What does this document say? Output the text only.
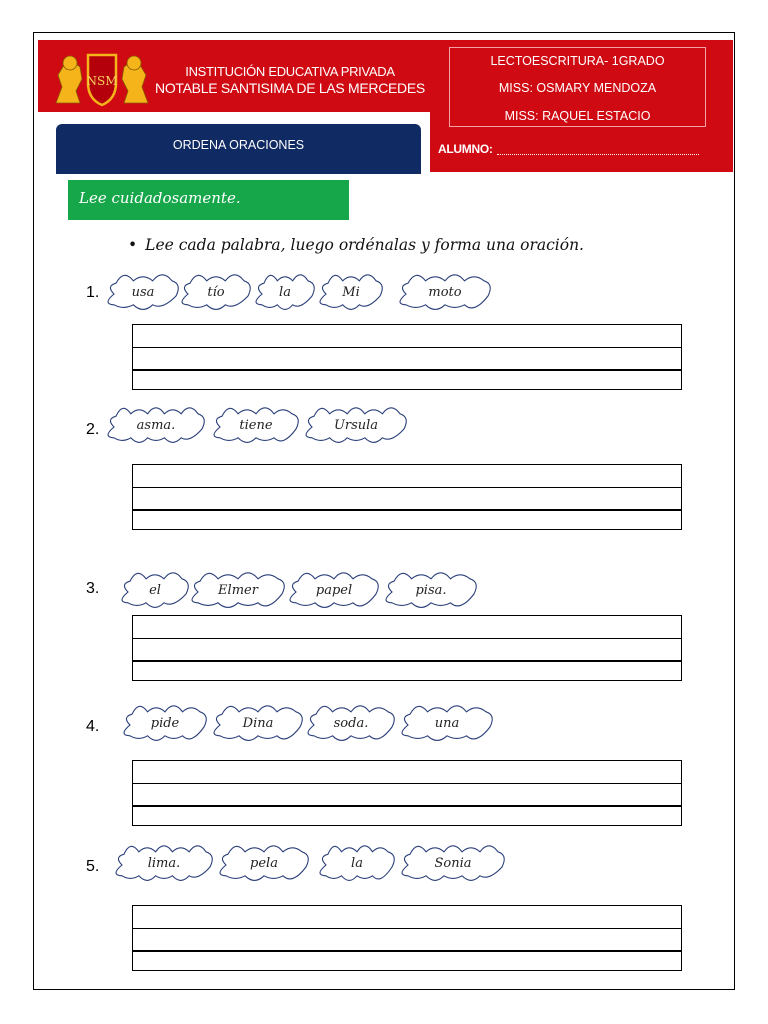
NSM
INSTITUCIÓN EDUCATIVA PRIVADA
NOTABLE SANTISIMA DE LAS MERCEDES
LECTOESCRITURA- 1GRADO
MISS: OSMARY MENDOZA
MISS: RAQUEL ESTACIO
ALUMNO:
ORDENA ORACIONES
Lee cuidadosamente.
• Lee cada palabra, luego ordénalas y forma una oración.
1.	usa	tío	la	Mi	moto
2.	asma.	tiene	Ursula
3.	el	Elmer	papel	pisa.
4.	pide	Dina	soda.	una
5.	lima.	pela	la	Sonia
